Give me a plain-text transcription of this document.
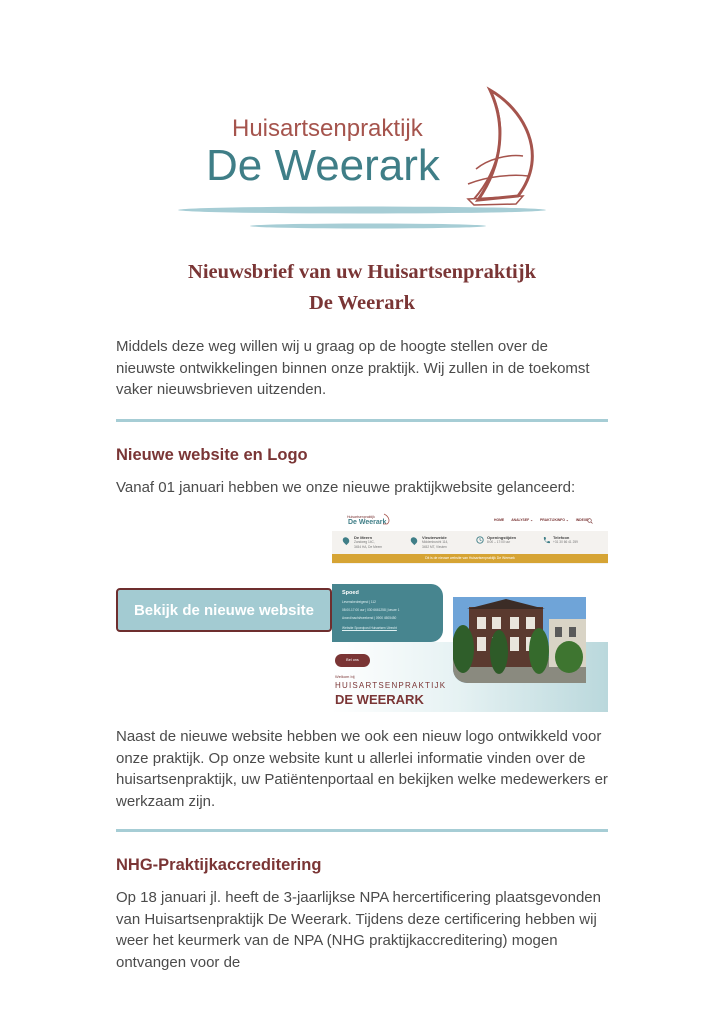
Huisartsenpraktijk
De Weerark
Nieuwsbrief van uw Huisartsenpraktijk
De Weerark
Middels deze weg willen wij u graag op de hoogte stellen over de nieuwste ontwikkelingen binnen onze praktijk. Wij zullen in de toekomst vaker nieuwsbrieven uitzenden.
Nieuwe website en Logo
Vanaf 01 januari hebben we onze nieuwe praktijkwebsite gelanceerd:
Bekijk de nieuwe website
Huisartsenpraktijk
De Weerark	HOME ANALYSEF ⌄ PRAKTIJKINFO ⌄ INDEXE
De Meern
Zandweg 14C,
3454 HA, De Meern
Vleuterweide
Middenburcht 114,
3452 MT, Vleuten
Openingstijden
8:00 – 17:00 uur
Telefoon
+31 30 66 41 259
Dit is de nieuwe website van Huisartsenpraktijk De Weerark
Spoed
Levensbedreigend | 112
08:00-17:00 uur | 030 6661258 | keuze 1
Avond/nacht/weekend | 0900 4505450
Website Spoedpost Huisartsen Utrecht
Bel ons
Welkom bij
HUISARTSENPRAKTIJK
DE WEERARK
Naast de nieuwe website hebben we ook een nieuw logo ontwikkeld voor onze praktijk. Op onze website kunt u allerlei informatie vinden over de huisartsenpraktijk, uw Patiëntenportaal en bekijken welke medewerkers er werkzaam zijn.
NHG-Praktijkaccreditering
Op 18 januari jl. heeft de 3-jaarlijkse NPA hercertificering plaatsgevonden van Huisartsenpraktijk De Weerark. Tijdens deze certificering hebben wij weer het keurmerk van de NPA (NHG praktijkaccreditering) mogen ontvangen voor de
